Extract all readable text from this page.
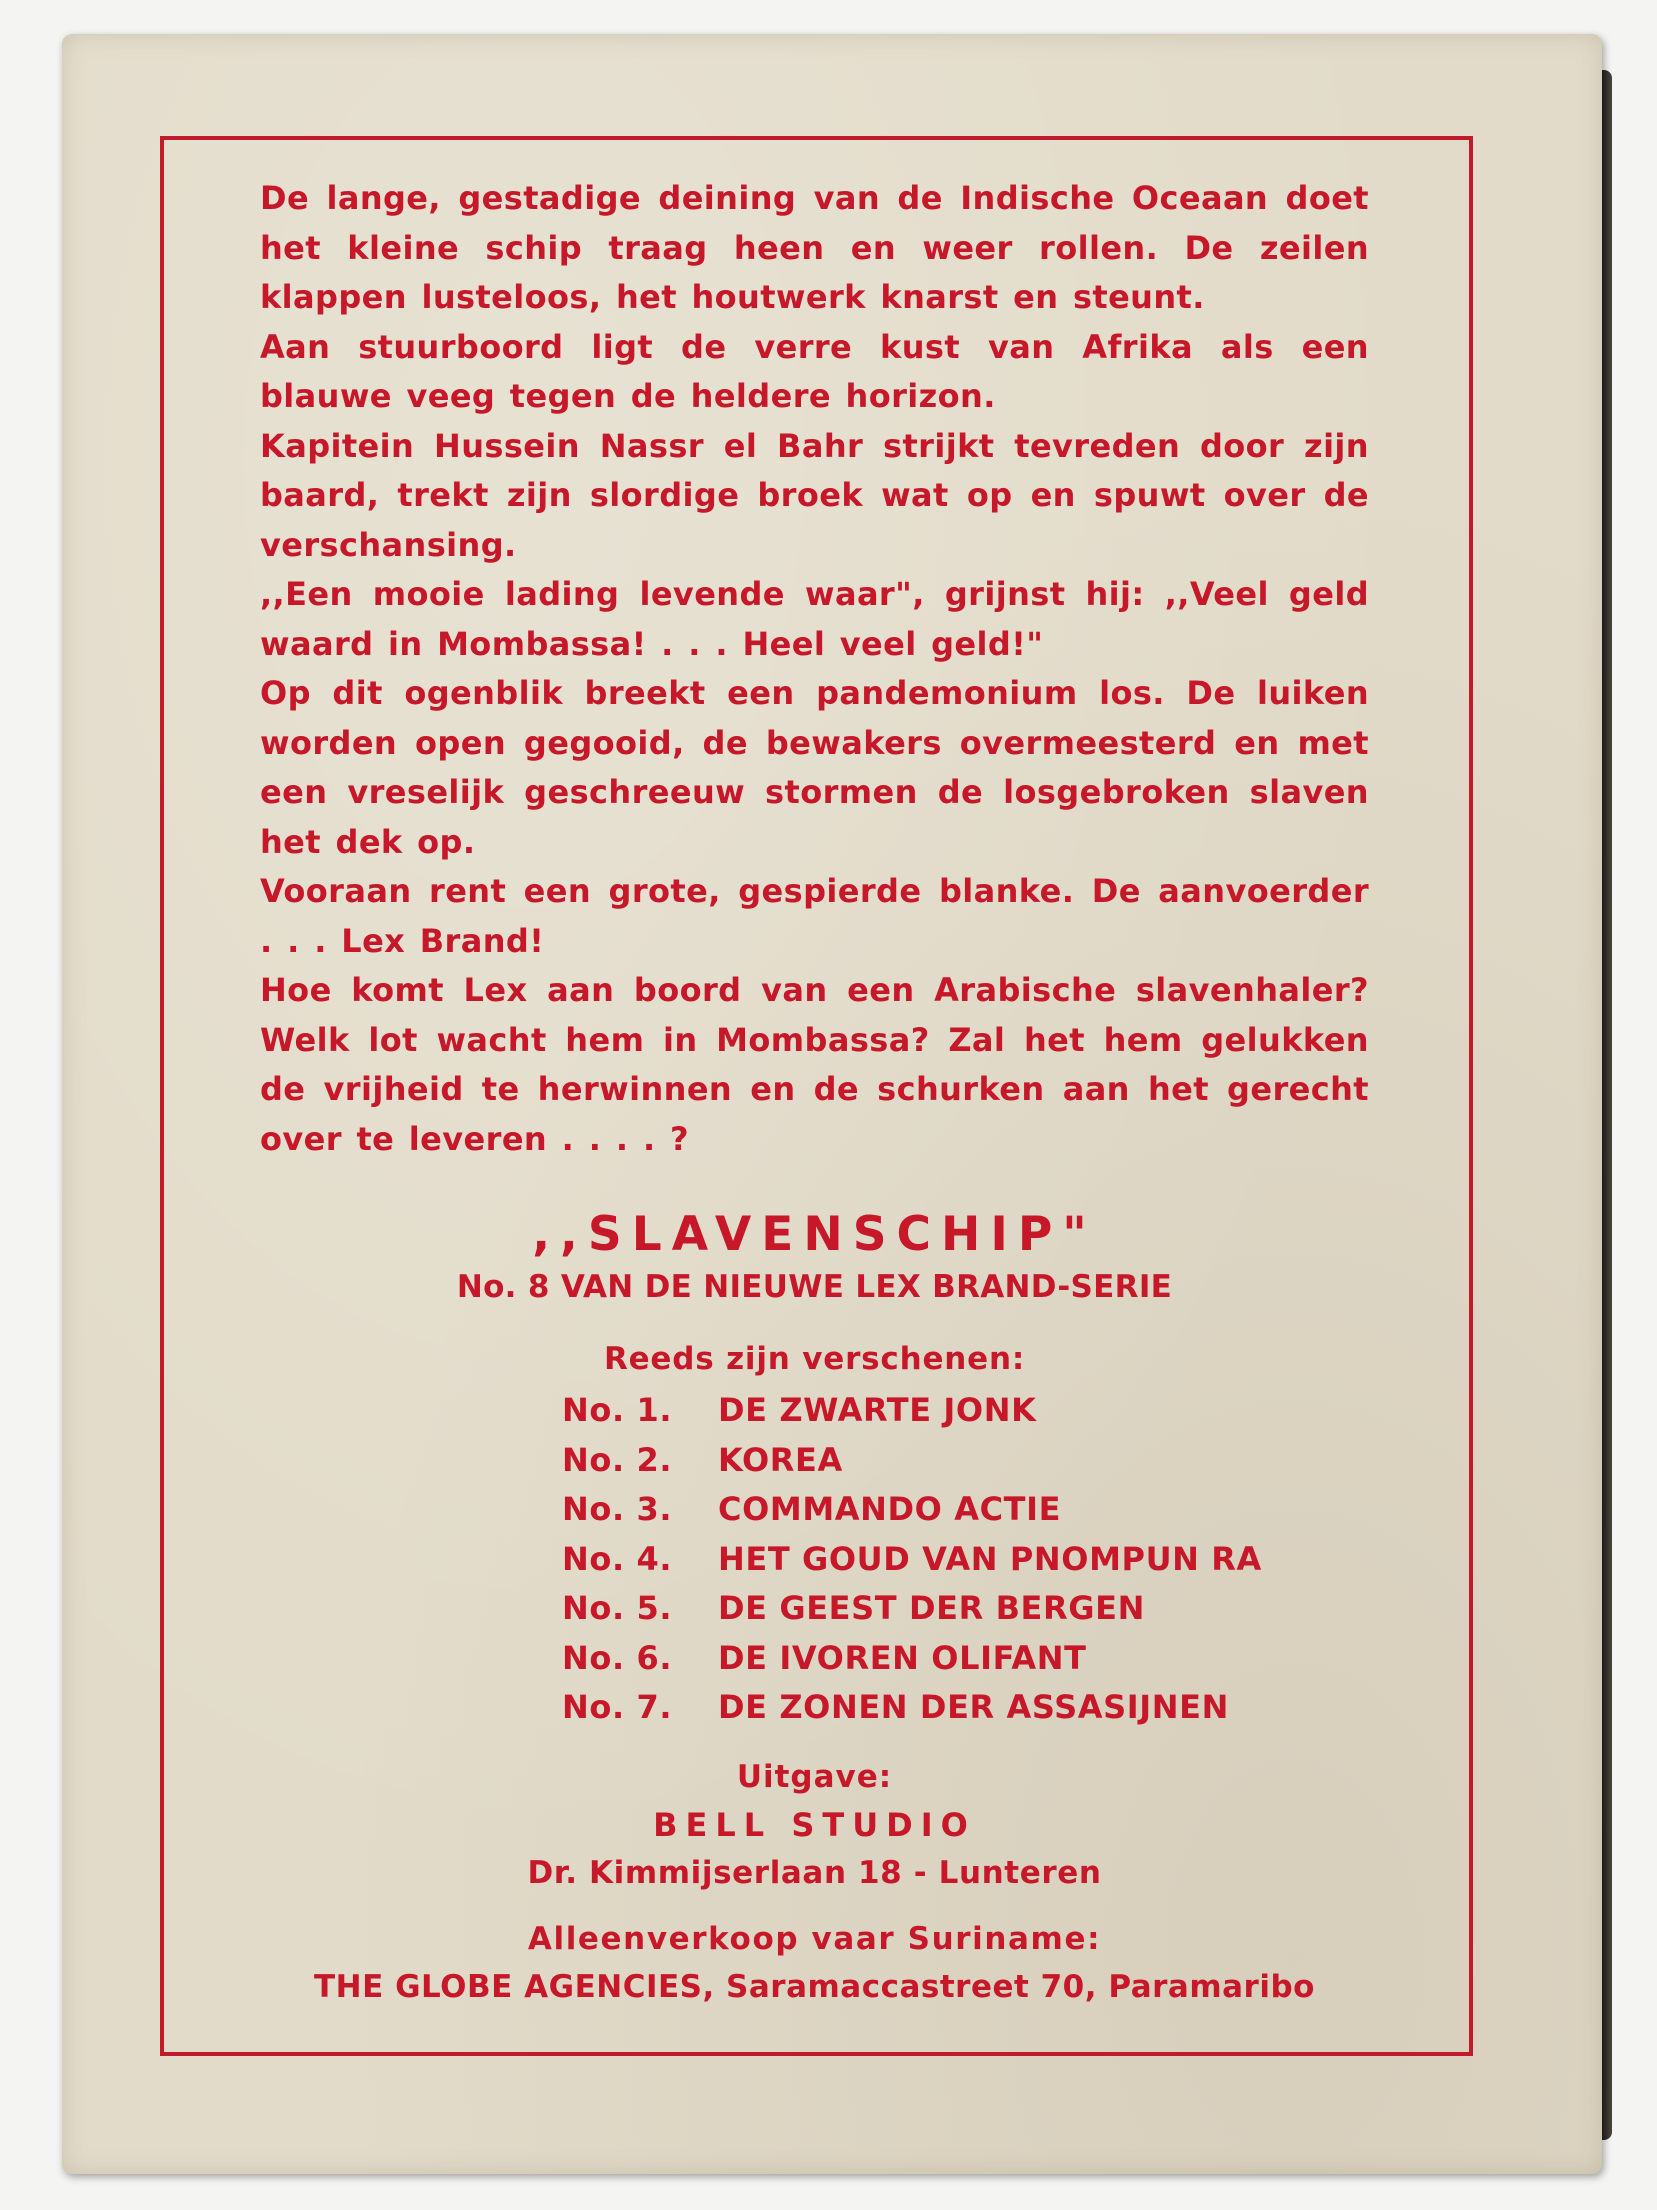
De lange, gestadige deining van de Indische Oceaan doet het kleine schip traag heen en weer rollen. De zeilen klappen lusteloos, het houtwerk knarst en steunt.

Aan stuurboord ligt de verre kust van Afrika als een blauwe veeg tegen de heldere horizon.

Kapitein Hussein Nassr el Bahr strijkt tevreden door zijn baard, trekt zijn slordige broek wat op en spuwt over de verschansing.

,,Een mooie lading levende waar", grijnst hij: ,,Veel geld waard in Mombassa! . . . Heel veel geld!"

Op dit ogenblik breekt een pandemonium los. De luiken worden open gegooid, de bewakers overmeesterd en met een vreselijk geschreeuw stormen de losgebroken slaven het dek op.

Vooraan rent een grote, gespierde blanke. De aanvoerder . . . Lex Brand!

Hoe komt Lex aan boord van een Arabische slavenhaler? Welk lot wacht hem in Mombassa? Zal het hem gelukken de vrijheid te herwinnen en de schurken aan het gerecht over te leveren . . . . ?

,,SLAVENSCHIP"
No. 8 VAN DE NIEUWE LEX BRAND-SERIE
Reeds zijn verschenen:
No. 1.	DE ZWARTE JONK
No. 2.	KOREA
No. 3.	COMMANDO ACTIE
No. 4.	HET GOUD VAN PNOMPUN RA
No. 5.	DE GEEST DER BERGEN
No. 6.	DE IVOREN OLIFANT
No. 7.	DE ZONEN DER ASSASIJNEN
Uitgave:
BELL STUDIO
Dr. Kimmijserlaan 18 - Lunteren
Alleenverkoop vaar Suriname:
THE GLOBE AGENCIES, Saramaccastreet 70, Paramaribo
